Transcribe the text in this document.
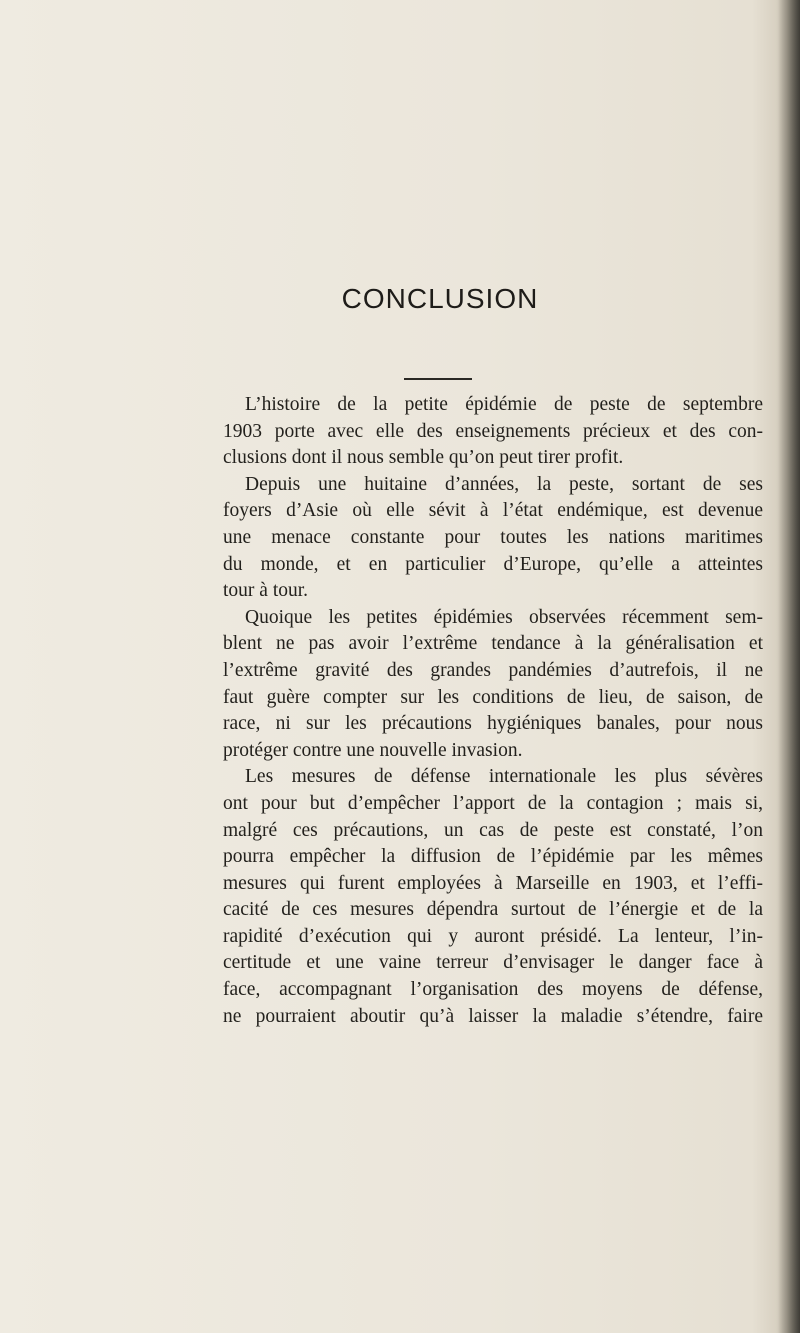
CONCLUSION
L’histoire de la petite épidémie de peste de septembre
1903 porte avec elle des enseignements précieux et des con-
clusions dont il nous semble qu’on peut tirer profit.
Depuis une huitaine d’années, la peste, sortant de ses
foyers d’Asie où elle sévit à l’état endémique, est devenue
une menace constante pour toutes les nations maritimes
du monde, et en particulier d’Europe, qu’elle a atteintes
tour à tour.
Quoique les petites épidémies observées récemment sem-
blent ne pas avoir l’extrême tendance à la généralisation et
l’extrême gravité des grandes pandémies d’autrefois, il ne
faut guère compter sur les conditions de lieu, de saison, de
race, ni sur les précautions hygiéniques banales, pour nous
protéger contre une nouvelle invasion.
Les mesures de défense internationale les plus sévères
ont pour but d’empêcher l’apport de la contagion ; mais si,
malgré ces précautions, un cas de peste est constaté, l’on
pourra empêcher la diffusion de l’épidémie par les mêmes
mesures qui furent employées à Marseille en 1903, et l’effi-
cacité de ces mesures dépendra surtout de l’énergie et de la
rapidité d’exécution qui y auront présidé. La lenteur, l’in-
certitude et une vaine terreur d’envisager le danger face à
face, accompagnant l’organisation des moyens de défense,
ne pourraient aboutir qu’à laisser la maladie s’étendre, faire
